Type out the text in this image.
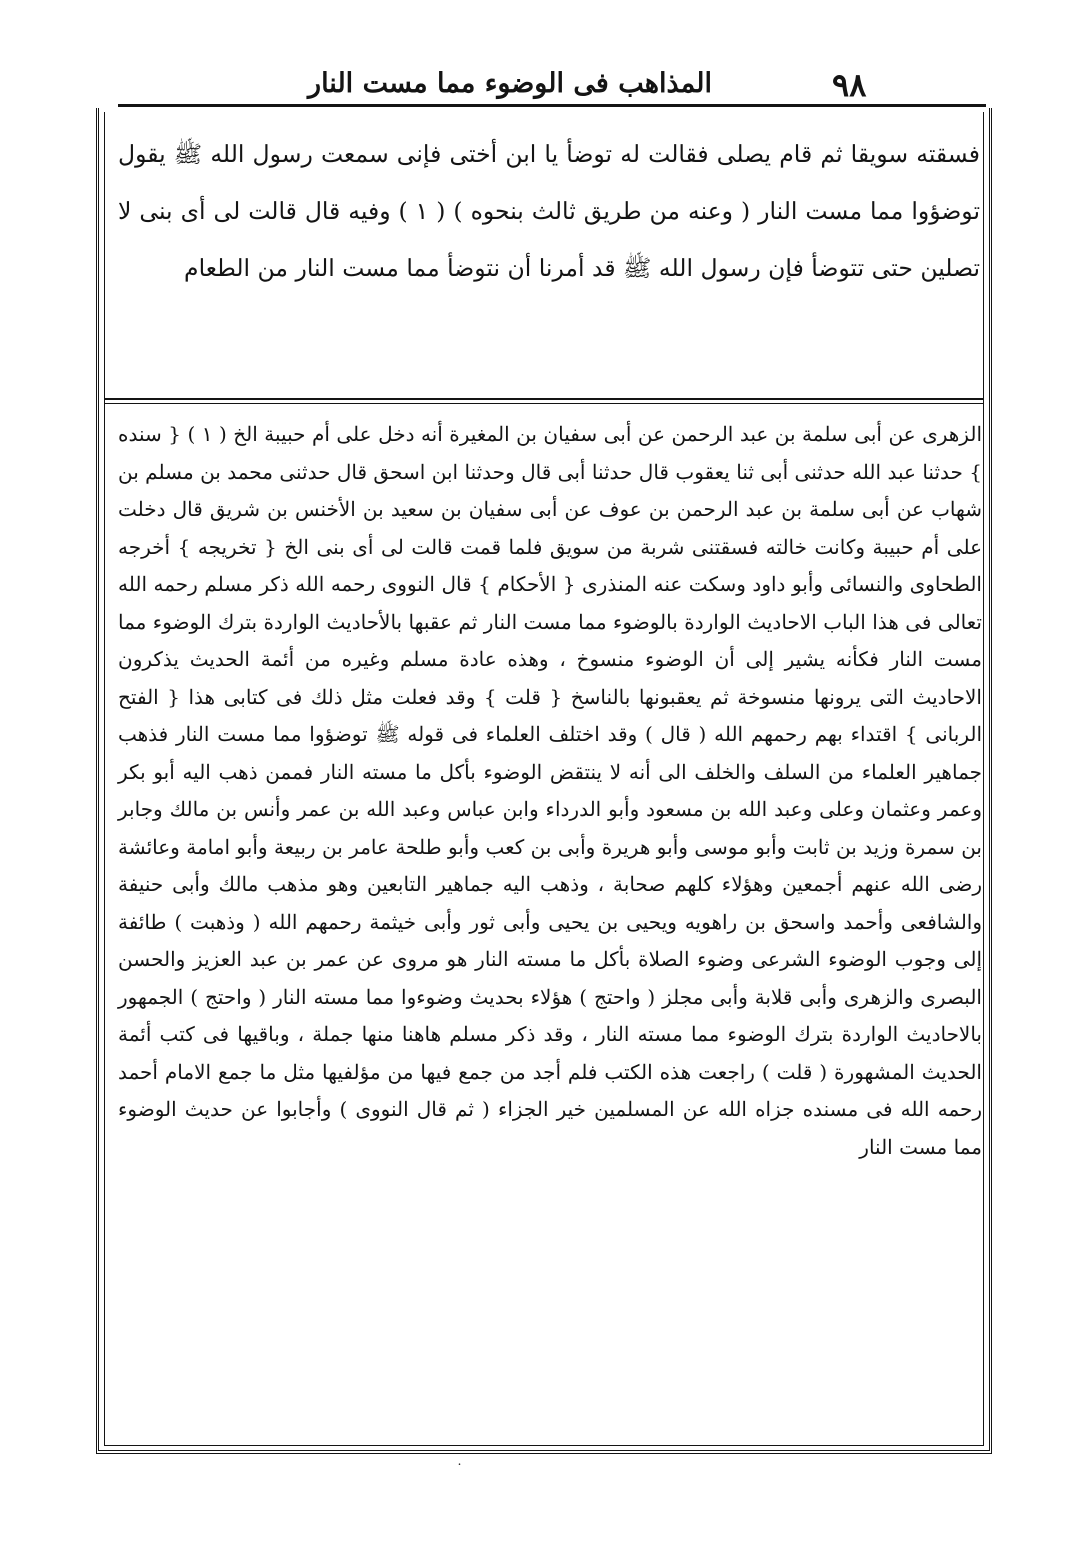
٩٨
المذاهب فى الوضوء مما مست النار

فسقته سويقا ثم قام يصلى فقالت له توضأ يا ابن أختى فإنى سمعت رسول الله ﷺ يقول توضؤوا مما مست النار ( وعنه من طريق ثالث بنحوه ) ( ١ ) وفيه قال قالت لى أى بنى لا تصلين حتى تتوضأ فإن رسول الله ﷺ قد أمرنا أن نتوضأ مما مست النار من الطعام

الزهرى عن أبى سلمة بن عبد الرحمن عن أبى سفيان بن المغيرة أنه دخل على أم حبيبة الخ ( ١ ) { سنده } حدثنا عبد الله حدثنى أبى ثنا يعقوب قال حدثنا أبى قال وحدثنا ابن اسحق قال حدثنى محمد بن مسلم بن شهاب عن أبى سلمة بن عبد الرحمن بن عوف عن أبى سفيان بن سعيد بن الأخنس بن شريق قال دخلت على أم حبيبة وكانت خالته فسقتنى شربة من سويق فلما قمت قالت لى أى بنى الخ { تخريجه } أخرجه الطحاوى والنسائى وأبو داود وسكت عنه المنذرى { الأحكام } قال النووى رحمه الله ذكر مسلم رحمه الله تعالى فى هذا الباب الاحاديث الواردة بالوضوء مما مست النار ثم عقبها بالأحاديث الواردة بترك الوضوء مما مست النار فكأنه يشير إلى أن الوضوء منسوخ ، وهذه عادة مسلم وغيره من أئمة الحديث يذكرون الاحاديث التى يرونها منسوخة ثم يعقبونها بالناسخ { قلت } وقد فعلت مثل ذلك فى كتابى هذا { الفتح الربانى } اقتداء بهم رحمهم الله ( قال ) وقد اختلف العلماء فى قوله ﷺ توضؤوا مما مست النار فذهب جماهير العلماء من السلف والخلف الى أنه لا ينتقض الوضوء بأكل ما مسته النار فممن ذهب اليه أبو بكر وعمر وعثمان وعلى وعبد الله بن مسعود وأبو الدرداء وابن عباس وعبد الله بن عمر وأنس بن مالك وجابر بن سمرة وزيد بن ثابت وأبو موسى وأبو هريرة وأبى بن كعب وأبو طلحة عامر بن ربيعة وأبو امامة وعائشة رضى الله عنهم أجمعين وهؤلاء كلهم صحابة ، وذهب اليه جماهير التابعين وهو مذهب مالك وأبى حنيفة والشافعى وأحمد واسحق بن راهويه ويحيى بن يحيى وأبى ثور وأبى خيثمة رحمهم الله ( وذهبت ) طائفة إلى وجوب الوضوء الشرعى وضوء الصلاة بأكل ما مسته النار هو مروى عن عمر بن عبد العزيز والحسن البصرى والزهرى وأبى قلابة وأبى مجلز ( واحتج ) هؤلاء بحديث وضوءوا مما مسته النار ( واحتج ) الجمهور بالاحاديث الواردة بترك الوضوء مما مسته النار ، وقد ذكر مسلم هاهنا منها جملة ، وباقيها فى كتب أئمة الحديث المشهورة ( قلت ) راجعت هذه الكتب فلم أجد من جمع فيها من مؤلفيها مثل ما جمع الامام أحمد رحمه الله فى مسنده جزاه الله عن المسلمين خير الجزاء ( ثم قال النووى ) وأجابوا عن حديث الوضوء مما مست النار

˙
